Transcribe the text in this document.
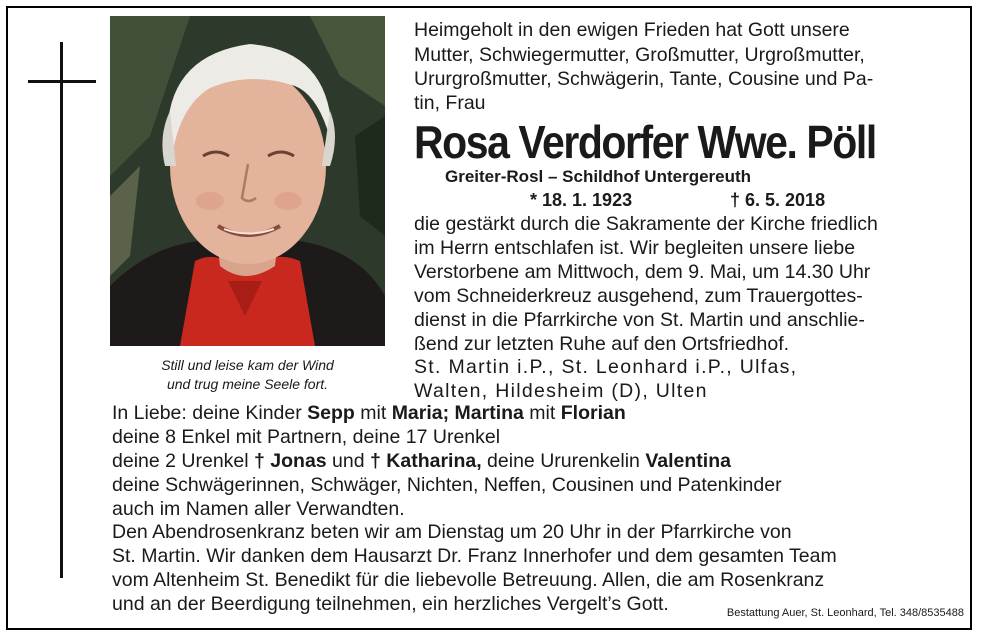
Still und leise kam der Wind
und trug meine Seele fort.
Heimgeholt in den ewigen Frieden hat Gott unsere
Mutter, Schwiegermutter, Großmutter, Urgroßmutter,
Ururgroßmutter, Schwägerin, Tante, Cousine und Pa-
tin, Frau
Rosa Verdorfer Wwe. Pöll
Greiter-Rosl – Schildhof Untergereuth
* 18. 1. 1923	† 6. 5. 2018
die gestärkt durch die Sakramente der Kirche friedlich
im Herrn entschlafen ist. Wir begleiten unsere liebe
Verstorbene am Mittwoch, dem 9. Mai, um 14.30 Uhr
vom Schneiderkreuz ausgehend, zum Trauergottes-
dienst in die Pfarrkirche von St. Martin und anschlie-
ßend zur letzten Ruhe auf den Ortsfriedhof.
St. Martin i.P., St. Leonhard i.P., Ulfas,
Walten, Hildesheim (D), Ulten
In Liebe: deine Kinder Sepp mit Maria; Martina mit Florian
deine 8 Enkel mit Partnern, deine 17 Urenkel
deine 2 Urenkel † Jonas und † Katharina, deine Ururenkelin Valentina
deine Schwägerinnen, Schwäger, Nichten, Neffen, Cousinen und Patenkinder
auch im Namen aller Verwandten.
Den Abendrosenkranz beten wir am Dienstag um 20 Uhr in der Pfarrkirche von
St. Martin. Wir danken dem Hausarzt Dr. Franz Innerhofer und dem gesamten Team
vom Altenheim St. Benedikt für die liebevolle Betreuung. Allen, die am Rosenkranz
und an der Beerdigung teilnehmen, ein herzliches Vergelt’s Gott.	Bestattung Auer, St. Leonhard, Tel. 348/8535488
